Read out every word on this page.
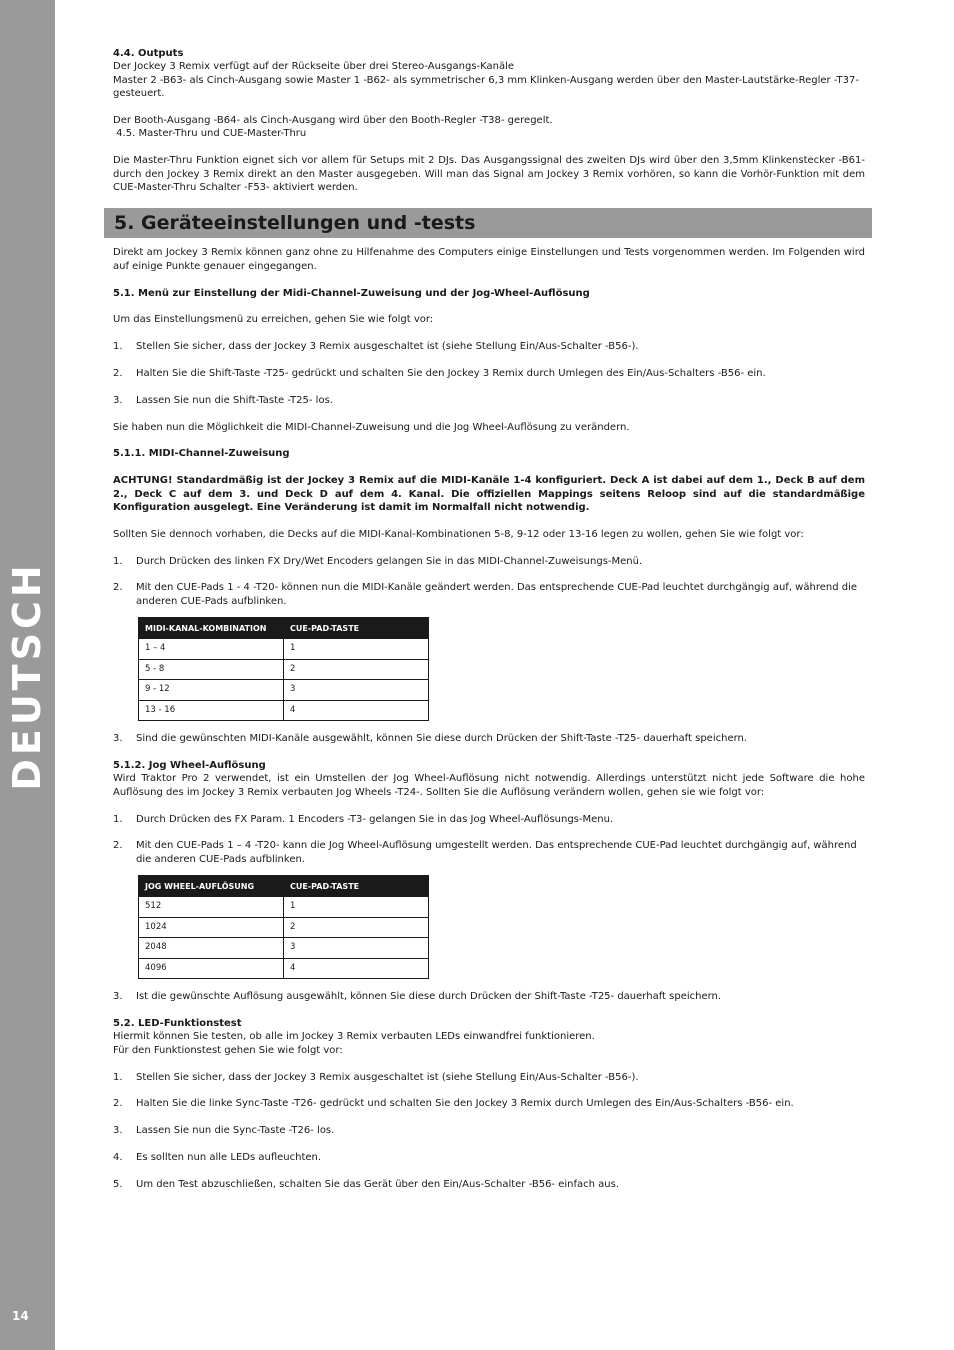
DEUTSCH
14

4.4. Outputs

Der Jockey 3 Remix verfügt auf der Rückseite über drei Stereo-Ausgangs-Kanäle

Master 2 -B63- als Cinch-Ausgang sowie Master 1 -B62- als symmetrischer 6,3 mm Klinken-Ausgang werden über den Master-Lautstärke-Regler -T37- gesteuert.

Der Booth-Ausgang -B64- als Cinch-Ausgang wird über den Booth-Regler -T38- geregelt.

4.5. Master-Thru und CUE-Master-Thru

Die Master-Thru Funktion eignet sich vor allem für Setups mit 2 DJs. Das Ausgangssignal des zweiten DJs wird über den 3,5mm Klinkenstecker -B61- durch den Jockey 3 Remix direkt an den Master ausgegeben. Will man das Signal am Jockey 3 Remix vorhören, so kann die Vorhör-Funktion mit dem CUE-Master-Thru Schalter -F53- aktiviert werden.

5. Geräteeinstellungen und -tests

Direkt am Jockey 3 Remix können ganz ohne zu Hilfenahme des Computers einige Einstellungen und Tests vorgenommen werden. Im Folgenden wird auf einige Punkte genauer eingegangen.

5.1. Menü zur Einstellung der Midi-Channel-Zuweisung und der Jog-Wheel-Auflösung

Um das Einstellungsmenü zu erreichen, gehen Sie wie folgt vor:

1.	Stellen Sie sicher, dass der Jockey 3 Remix ausgeschaltet ist (siehe Stellung Ein/Aus-Schalter -B56-).
2.	Halten Sie die Shift-Taste -T25- gedrückt und schalten Sie den Jockey 3 Remix durch Umlegen des Ein/Aus-Schalters -B56- ein.
3.	Lassen Sie nun die Shift-Taste -T25- los.

Sie haben nun die Möglichkeit die MIDI-Channel-Zuweisung und die Jog Wheel-Auflösung zu verändern.

5.1.1. MIDI-Channel-Zuweisung

ACHTUNG! Standardmäßig ist der Jockey 3 Remix auf die MIDI-Kanäle 1-4 konfiguriert. Deck A ist dabei auf dem 1., Deck B auf dem 2., Deck C auf dem 3. und Deck D auf dem 4. Kanal. Die offiziellen Mappings seitens Reloop sind auf die standardmäßige Konfiguration ausgelegt. Eine Veränderung ist damit im Normalfall nicht notwendig.

Sollten Sie dennoch vorhaben, die Decks auf die MIDI-Kanal-Kombinationen 5-8, 9-12 oder 13-16 legen zu wollen, gehen Sie wie folgt vor:

1.	Durch Drücken des linken FX Dry/Wet Encoders gelangen Sie in das MIDI-Channel-Zuweisungs-Menü.
2.	Mit den CUE-Pads 1 - 4 -T20- können nun die MIDI-Kanäle geändert werden. Das entsprechende CUE-Pad leuchtet durchgängig auf, während die anderen CUE-Pads aufblinken.
MIDI-KANAL-KOMBINATION	CUE-PAD-TASTE
1 – 4	1
5 - 8	2
9 - 12	3
13 - 16	4
3.	Sind die gewünschten MIDI-Kanäle ausgewählt, können Sie diese durch Drücken der Shift-Taste -T25- dauerhaft speichern.

5.1.2. Jog Wheel-Auflösung

Wird Traktor Pro 2 verwendet, ist ein Umstellen der Jog Wheel-Auflösung nicht notwendig. Allerdings unterstützt nicht jede Software die hohe Auflösung des im Jockey 3 Remix verbauten Jog Wheels -T24-. Sollten Sie die Auflösung verändern wollen, gehen sie wie folgt vor:

1.	Durch Drücken des FX Param. 1 Encoders -T3- gelangen Sie in das Jog Wheel-Auflösungs-Menu.
2.	Mit den CUE-Pads 1 – 4 -T20- kann die Jog Wheel-Auflösung umgestellt werden. Das entsprechende CUE-Pad leuchtet durchgängig auf, während die anderen CUE-Pads aufblinken.
JOG WHEEL-AUFLÖSUNG	CUE-PAD-TASTE
512	1
1024	2
2048	3
4096	4
3.	Ist die gewünschte Auflösung ausgewählt, können Sie diese durch Drücken der Shift-Taste -T25- dauerhaft speichern.

5.2. LED-Funktionstest

Hiermit können Sie testen, ob alle im Jockey 3 Remix verbauten LEDs einwandfrei funktionieren.

Für den Funktionstest gehen Sie wie folgt vor:

1.	Stellen Sie sicher, dass der Jockey 3 Remix ausgeschaltet ist (siehe Stellung Ein/Aus-Schalter -B56-).
2.	Halten Sie die linke Sync-Taste -T26- gedrückt und schalten Sie den Jockey 3 Remix durch Umlegen des Ein/Aus-Schalters -B56- ein.
3.	Lassen Sie nun die Sync-Taste -T26- los.
4.	Es sollten nun alle LEDs aufleuchten.
5.	Um den Test abzuschließen, schalten Sie das Gerät über den Ein/Aus-Schalter -B56- einfach aus.
